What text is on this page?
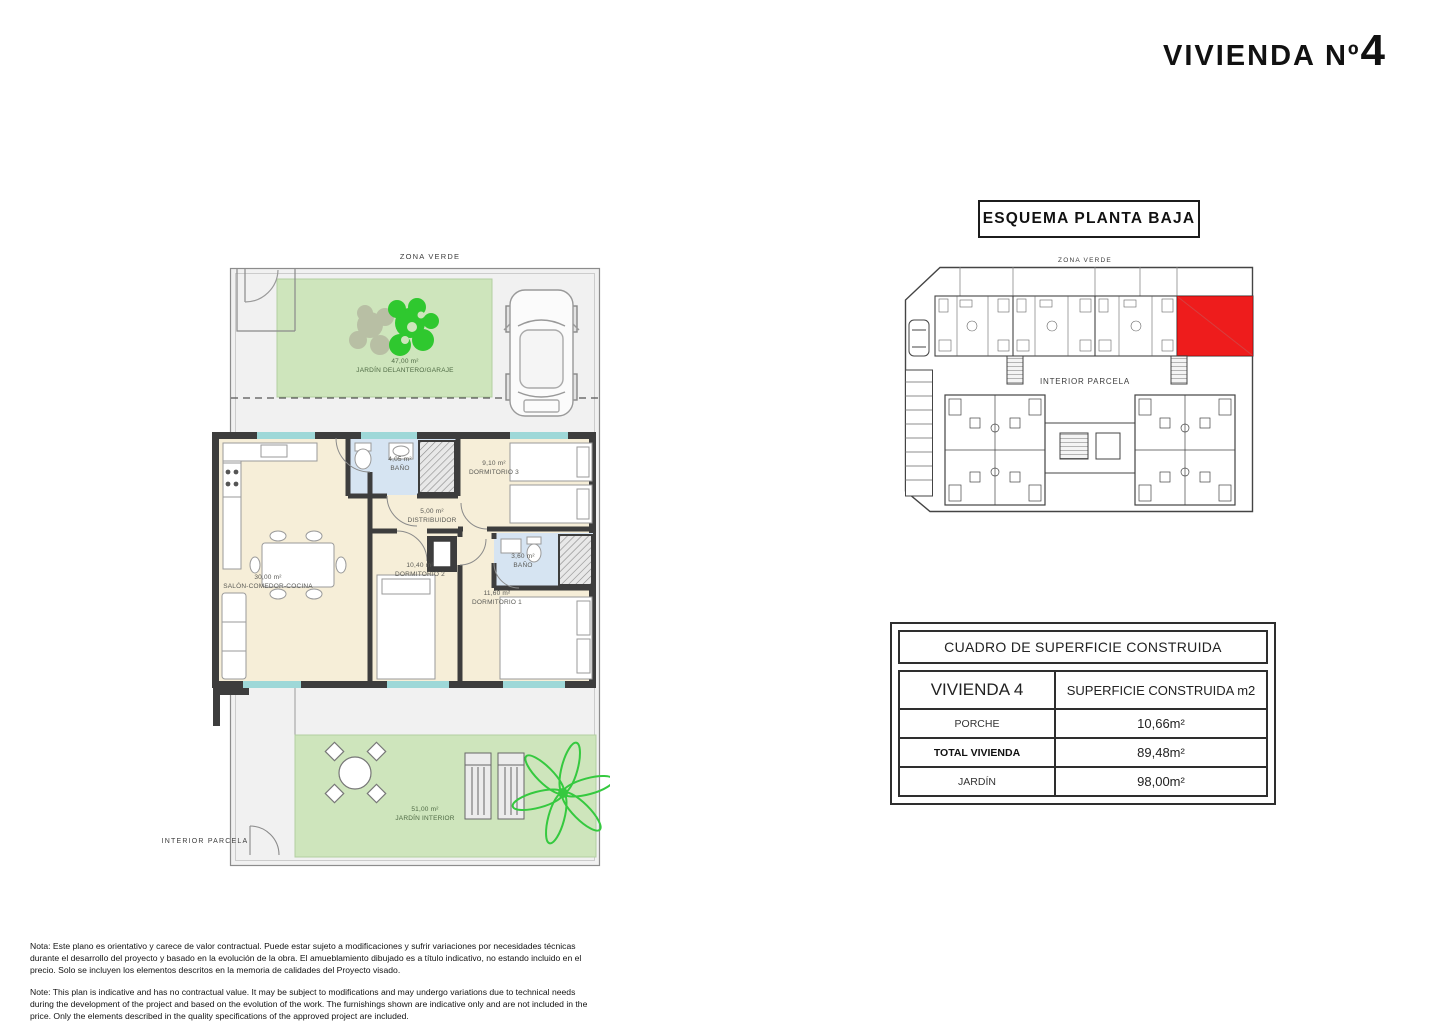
VIVIENDA Nº 4
ZONA VERDE
47,00 m²
JARDÍN DELANTERO/GARAJE
30,00 m²
SALÓN-COMEDOR-COCINA
4,05 m²
BAÑO
9,10 m²
DORMITORIO 3
5,00 m²
DISTRIBUIDOR
10,40 m²
DORMITORIO 2
3,60 m²
BAÑO
11,60 m²
DORMITORIO 1
51,00 m²
JARDÍN INTERIOR
INTERIOR PARCELA
ESQUEMA PLANTA BAJA
ZONA VERDE
INTERIOR PARCELA
CUADRO DE SUPERFICIE CONSTRUIDA
VIVIENDA 4	SUPERFICIE CONSTRUIDA m2
PORCHE	10,66m²
TOTAL VIVIENDA	89,48m²
JARDÍN	98,00m²
Nota: Este plano es orientativo y carece de valor contractual. Puede estar sujeto a modificaciones y sufrir variaciones por necesidades técnicas durante el desarrollo del proyecto y basado en la evolución de la obra. El amueblamiento dibujado es a título indicativo, no estando incluido en el precio. Solo se incluyen los elementos descritos en la memoria de calidades del Proyecto visado.
Note: This plan is indicative and has no contractual value. It may be subject to modifications and may undergo variations due to technical needs during the development of the project and based on the evolution of the work. The furnishings shown are indicative only and are not included in the price. Only the elements described in the quality specifications of the approved project are included.
